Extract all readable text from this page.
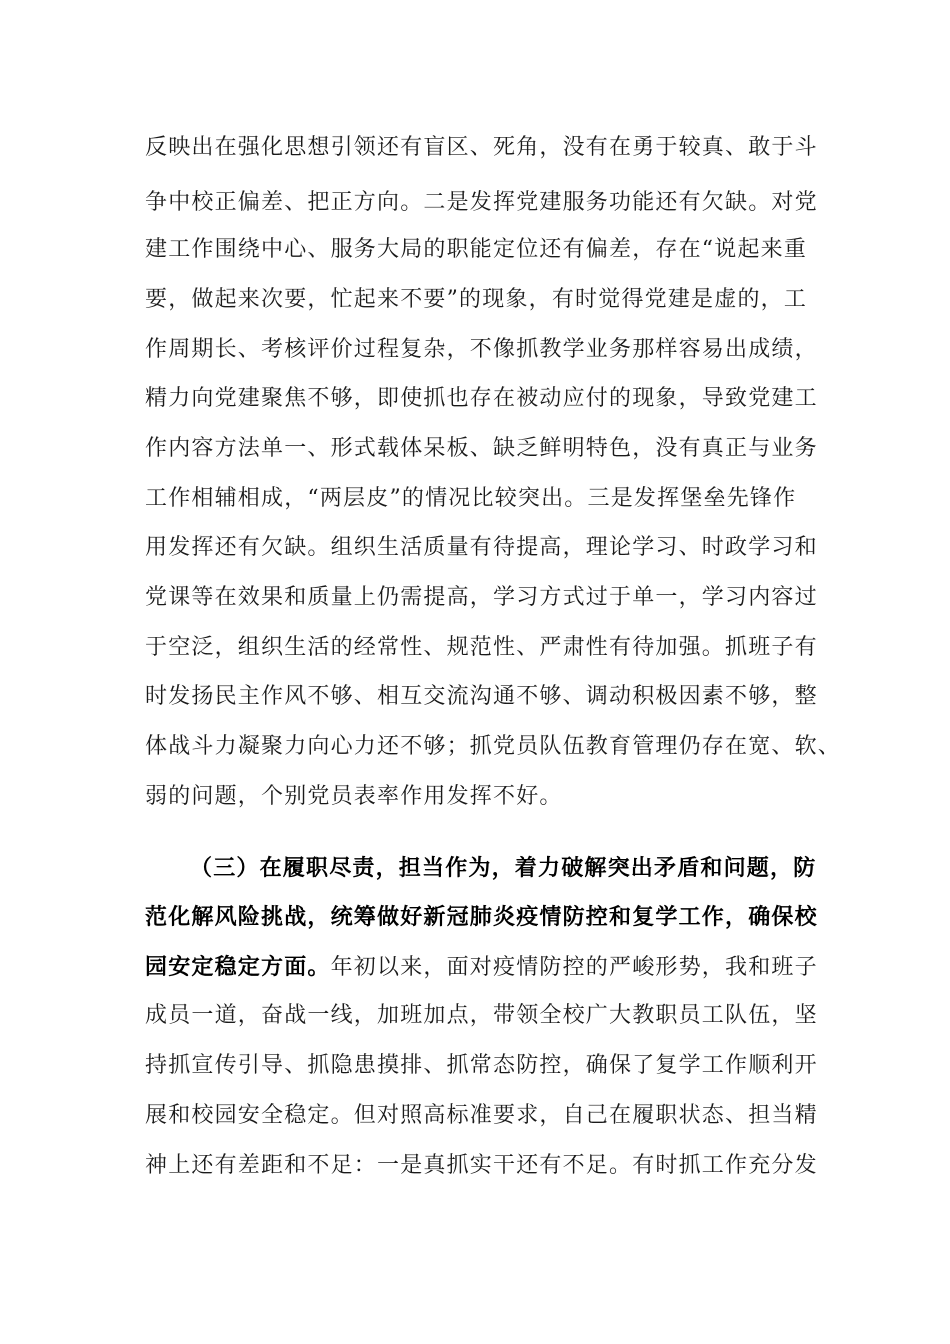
反映出在强化思想引领还有盲区、死角，没有在勇于较真、敢于斗
争中校正偏差、把正方向。二是发挥党建服务功能还有欠缺。对党
建工作围绕中心、服务大局的职能定位还有偏差，存在“说起来重
要，做起来次要，忙起来不要”的现象，有时觉得党建是虚的，工
作周期长、考核评价过程复杂，不像抓教学业务那样容易出成绩，
精力向党建聚焦不够，即使抓也存在被动应付的现象，导致党建工
作内容方法单一、形式载体呆板、缺乏鲜明特色，没有真正与业务
工作相辅相成，“两层皮”的情况比较突出。三是发挥堡垒先锋作
用发挥还有欠缺。组织生活质量有待提高，理论学习、时政学习和
党课等在效果和质量上仍需提高，学习方式过于单一，学习内容过
于空泛，组织生活的经常性、规范性、严肃性有待加强。抓班子有
时发扬民主作风不够、相互交流沟通不够、调动积极因素不够，整
体战斗力凝聚力向心力还不够；抓党员队伍教育管理仍存在宽、软、
弱的问题，个别党员表率作用发挥不好。
（三）在履职尽责，担当作为，着力破解突出矛盾和问题，防
范化解风险挑战，统筹做好新冠肺炎疫情防控和复学工作，确保校
园安定稳定方面。年初以来，面对疫情防控的严峻形势，我和班子
成员一道，奋战一线，加班加点，带领全校广大教职员工队伍，坚
持抓宣传引导、抓隐患摸排、抓常态防控，确保了复学工作顺利开
展和校园安全稳定。但对照高标准要求，自己在履职状态、担当精
神上还有差距和不足：一是真抓实干还有不足。有时抓工作充分发
